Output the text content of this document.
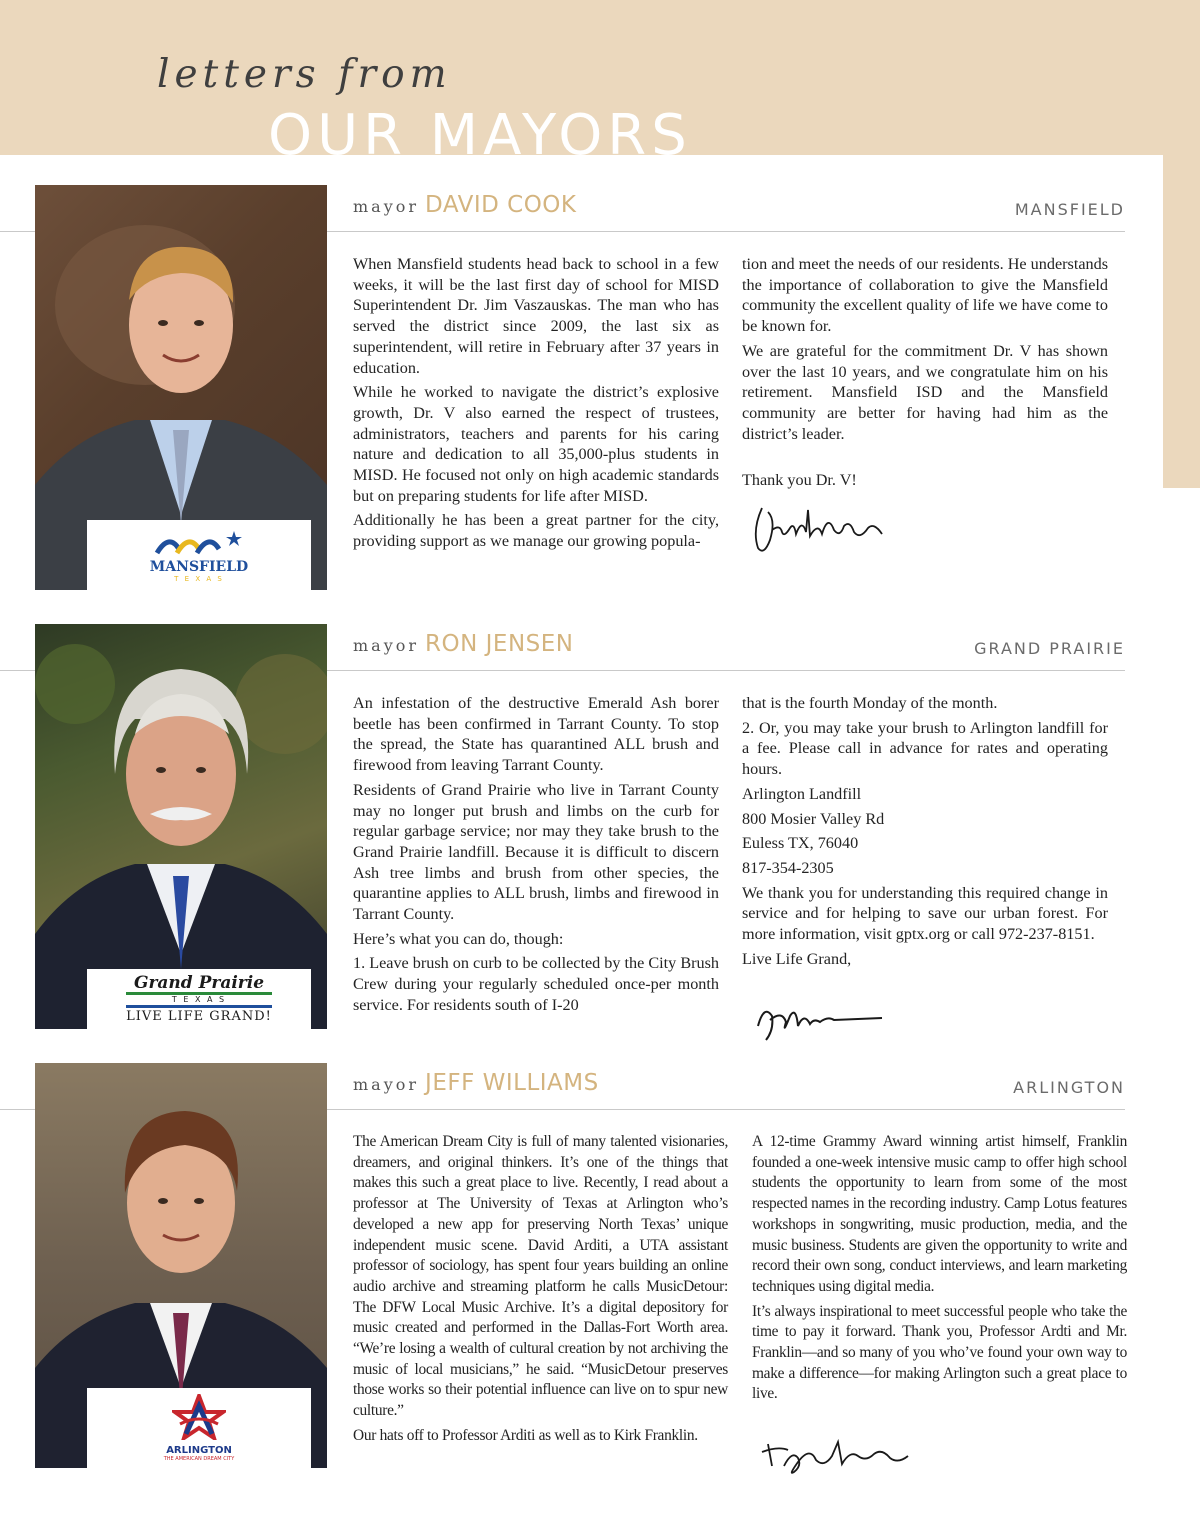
letters from
OUR MAYORS
MANSFIELD
T E X A S
mayor DAVID COOK	MANSFIELD

When Mansfield students head back to school in a few weeks, it will be the last first day of school for MISD Superintendent Dr. Jim Vaszauskas. The man who has served the district since 2009, the last six as superintendent, will retire in February after 37 years in education.

While he worked to navigate the district’s explosive growth, Dr. V also earned the respect of trustees, administrators, teachers and parents for his caring nature and dedication to all 35,000-plus students in MISD. He focused not only on high academic standards but on preparing students for life after MISD.

Additionally he has been a great partner for the city, providing support as we manage our growing popula-

tion and meet the needs of our residents. He understands the importance of collaboration to give the Mansfield community the excellent quality of life we have come to be known for.

We are grateful for the commitment Dr. V has shown over the last 10 years, and we congratulate him on his retirement. Mansfield ISD and the Mansfield community are better for having had him as the district’s leader.

Thank you Dr. V!

Grand Prairie
T E X A S
LIVE LIFE GRAND!
mayor RON JENSEN	GRAND PRAIRIE

An infestation of the destructive Emerald Ash borer beetle has been confirmed in Tarrant County. To stop the spread, the State has quarantined ALL brush and firewood from leaving Tarrant County.

Residents of Grand Prairie who live in Tarrant County may no longer put brush and limbs on the curb for regular garbage service; nor may they take brush to the Grand Prairie landfill. Because it is difficult to discern Ash tree limbs and brush from other species, the quarantine applies to ALL brush, limbs and firewood in Tarrant County.

Here’s what you can do, though:

1. Leave brush on curb to be collected by the City Brush Crew during your regularly scheduled once-per month service. For residents south of I-20

that is the fourth Monday of the month.

2. Or, you may take your brush to Arlington landfill for a fee. Please call in advance for rates and operating hours.

Arlington Landfill

800 Mosier Valley Rd

Euless TX, 76040

817-354-2305

We thank you for understanding this required change in service and for helping to save our urban forest. For more information, visit gptx.org or call 972-237-8151.

Live Life Grand,

ARLINGTON
THE AMERICAN DREAM CITY
mayor JEFF WILLIAMS	ARLINGTON

The American Dream City is full of many talented visionaries, dreamers, and original thinkers. It’s one of the things that makes this such a great place to live. Recently, I read about a professor at The University of Texas at Arlington who’s developed a new app for preserving North Texas’ unique independent music scene. David Arditi, a UTA assistant professor of sociology, has spent four years building an online audio archive and streaming platform he calls MusicDetour: The DFW Local Music Archive. It’s a digital depository for music created and performed in the Dallas-Fort Worth area. “We’re losing a wealth of cultural creation by not archiving the music of local musicians,” he said. “MusicDetour preserves those works so their potential influence can live on to spur new culture.”

Our hats off to Professor Arditi as well as to Kirk Franklin.

A 12-time Grammy Award winning artist himself, Franklin founded a one-week intensive music camp to offer high school students the opportunity to learn from some of the most respected names in the recording industry. Camp Lotus features workshops in songwriting, music production, media, and the music business. Students are given the opportunity to write and record their own song, conduct interviews, and learn marketing techniques using digital media.

It’s always inspirational to meet successful people who take the time to pay it forward. Thank you, Professor Ardti and Mr. Franklin—and so many of you who’ve found your own way to make a difference—for making Arlington such a great place to live.
